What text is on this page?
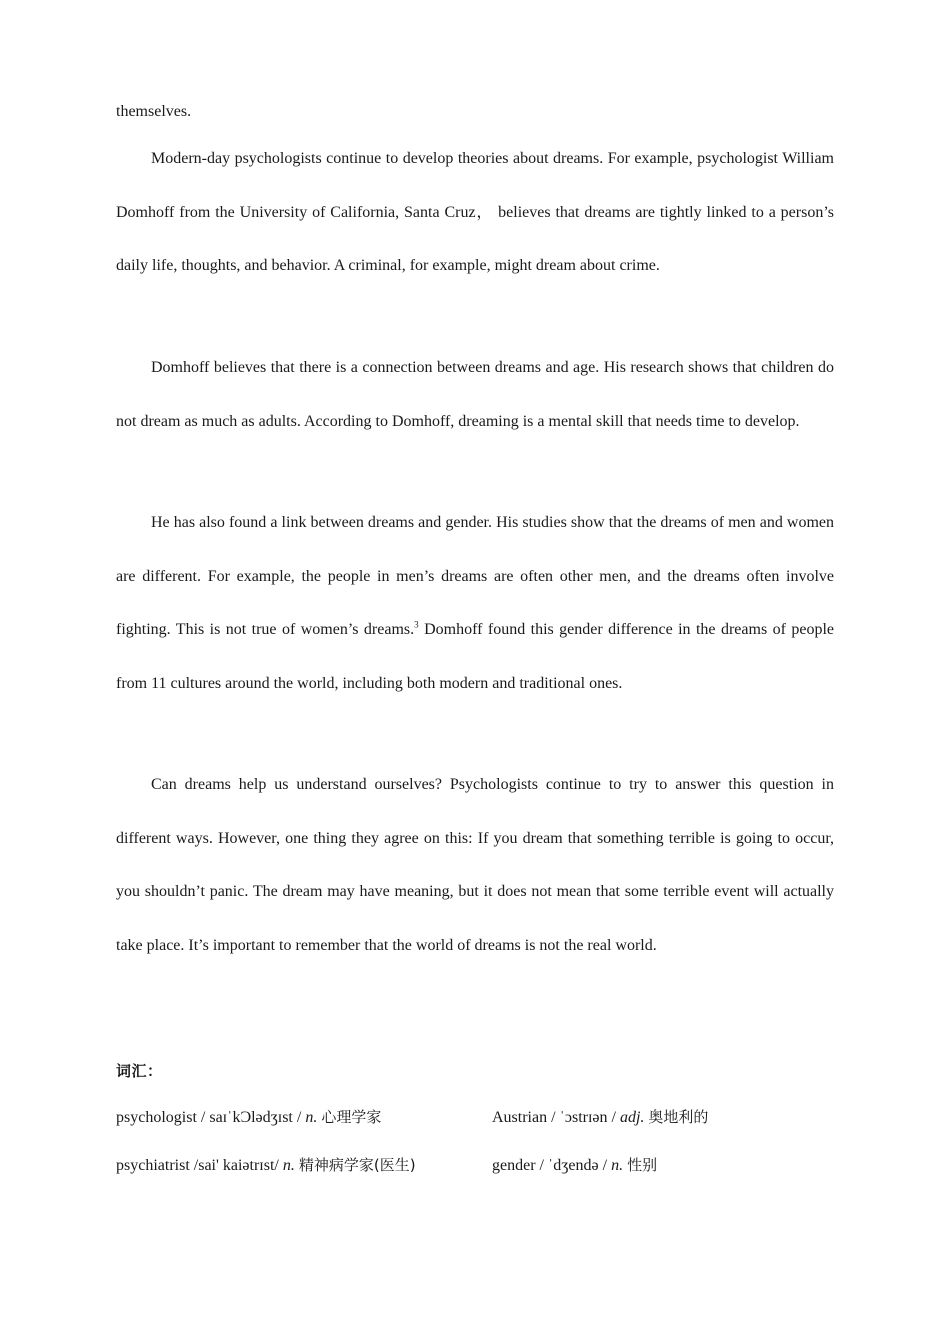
themselves.

Modern-day psychologists continue to develop theories about dreams. For example, psychologist William Domhoff from the University of California, Santa Cruz， believes that dreams are tightly linked to a person’s daily life, thoughts, and behavior. A criminal, for example, might dream about crime.

Domhoff believes that there is a connection between dreams and age. His research shows that children do not dream as much as adults. According to Domhoff, dreaming is a mental skill that needs time to develop.

He has also found a link between dreams and gender. His studies show that the dreams of men and women are different. For example, the people in men’s dreams are often other men, and the dreams often involve fighting. This is not true of women’s dreams.$^3$ Domhoff found this gender difference in the dreams of people from 11 cultures around the world, including both modern and traditional ones.

Can dreams help us understand ourselves? Psychologists continue to try to answer this question in different ways. However, one thing they agree on this: If you dream that something terrible is going to occur, you shouldn’t panic. The dream may have meaning, but it does not mean that some terrible event will actually take place. It’s important to remember that the world of dreams is not the real world.

词汇：
psychologist / saɪˈkƆlədʒɪst / n. 心理学家	Austrian / ˈɔstrɪən / adj. 奥地利的
psychiatrist /sai' kaiətrɪst/ n. 精神病学家(医生)	gender / ˈdʒendə / n. 性别
